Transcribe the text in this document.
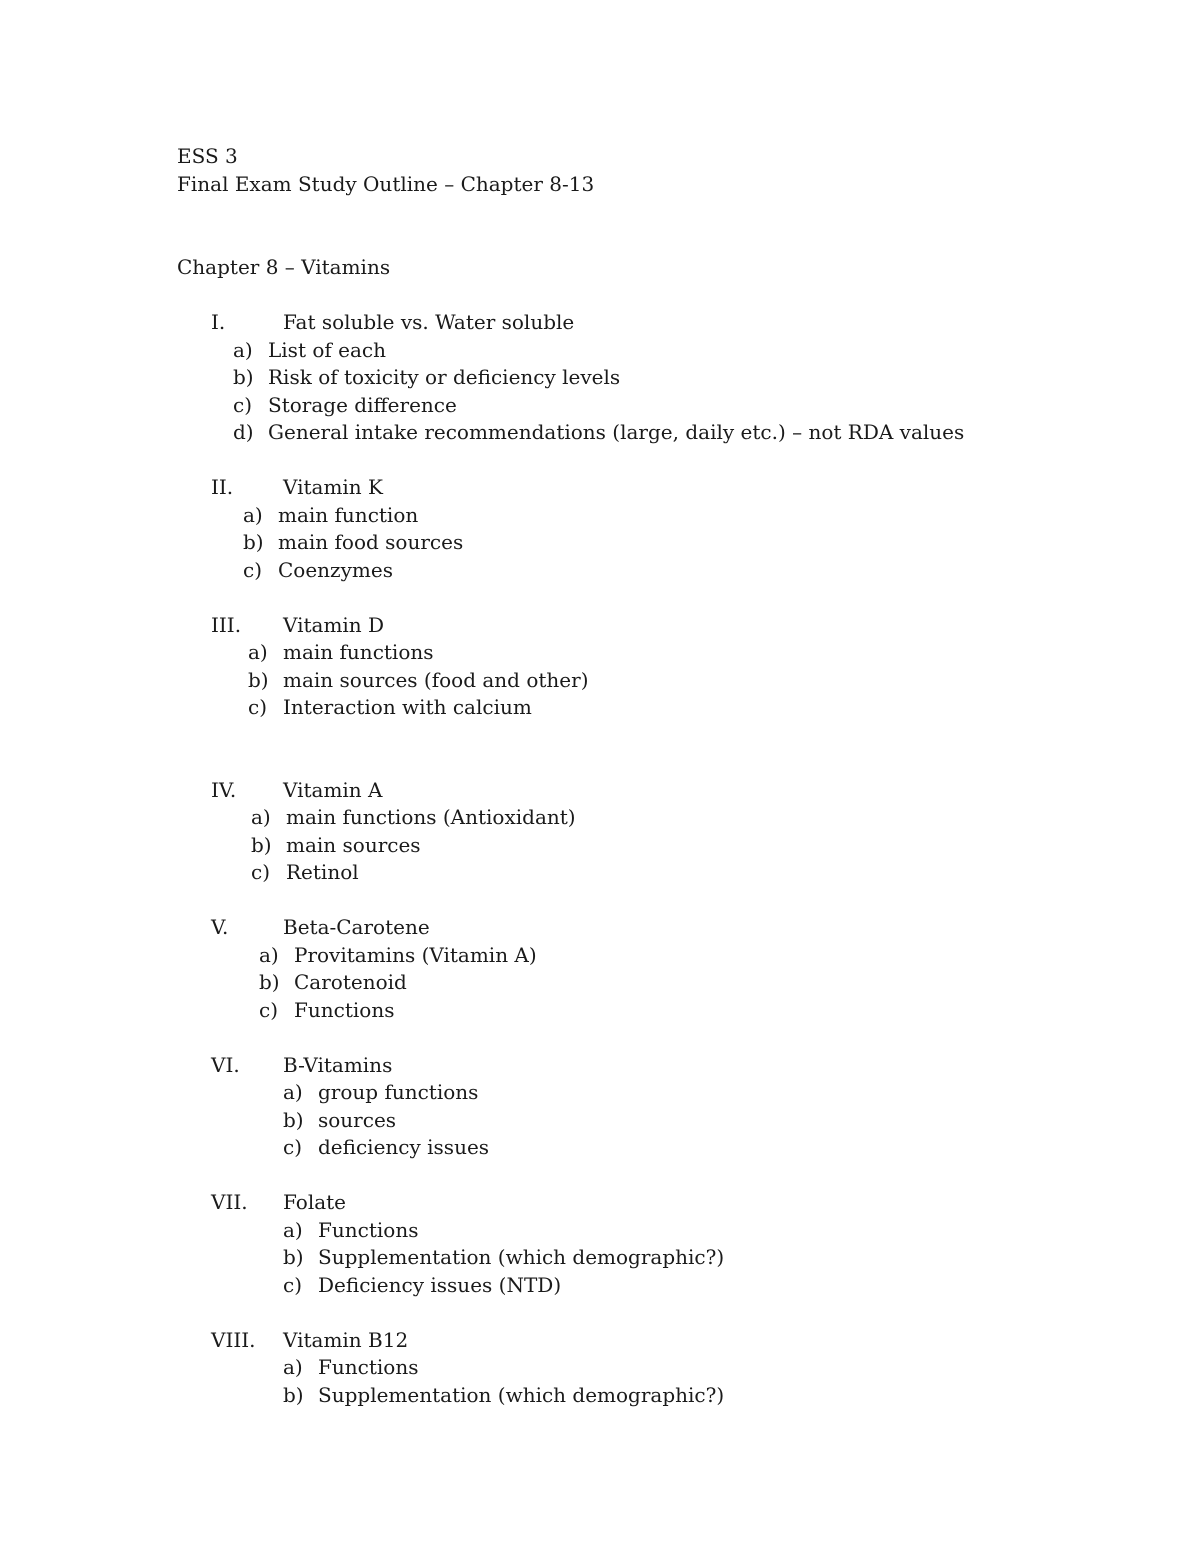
ESS 3
Final Exam Study Outline – Chapter 8-13
Chapter 8 – Vitamins
I.	Fat soluble vs. Water soluble
a) List of each
b) Risk of toxicity or deficiency levels
c) Storage difference
d) General intake recommendations (large, daily etc.) – not RDA values
II. Vitamin K
a) main function
b) main food sources
c) Coenzymes
III. Vitamin D
a) main functions
b) main sources (food and other)
c) Interaction with calcium
IV. Vitamin A
a) main functions (Antioxidant)
b) main sources
c) Retinol
V.	Beta-Carotene
a) Provitamins (Vitamin A)
b) Carotenoid
c) Functions
VI. B-Vitamins
a) group functions
b) sources
c) deficiency issues
VII. Folate
a) Functions
b) Supplementation (which demographic?)
c) Deficiency issues (NTD)
VIII. Vitamin B12
a) Functions
b) Supplementation (which demographic?)
